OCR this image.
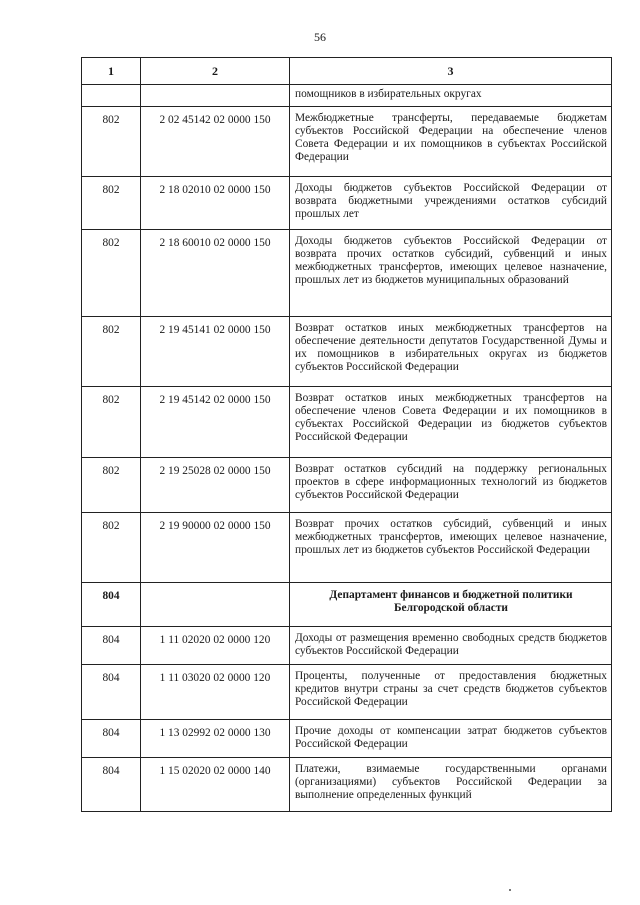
56
1	2	3
		помощников в избирательных округах
802	2 02 45142 02 0000 150	Межбюджетные трансферты, передаваемые бюджетам субъектов Российской Федерации на обеспечение членов Совета Федерации и их помощников в субъектах Российской Федерации
802	2 18 02010 02 0000 150	Доходы бюджетов субъектов Российской Федерации от возврата бюджетными учреждениями остатков субсидий прошлых лет
802	2 18 60010 02 0000 150	Доходы бюджетов субъектов Российской Федерации от возврата прочих остатков субсидий, субвенций и иных межбюджетных трансфертов, имеющих целевое назначение, прошлых лет из бюджетов муниципальных образований
802	2 19 45141 02 0000 150	Возврат остатков иных межбюджетных трансфертов на обеспечение деятельности депутатов Государственной Думы и их помощников в избирательных округах из бюджетов субъектов Российской Федерации
802	2 19 45142 02 0000 150	Возврат остатков иных межбюджетных трансфертов на обеспечение членов Совета Федерации и их помощников в субъектах Российской Федерации из бюджетов субъектов Российской Федерации
802	2 19 25028 02 0000 150	Возврат остатков субсидий на поддержку региональных проектов в сфере информационных технологий из бюджетов субъектов Российской Федерации
802	2 19 90000 02 0000 150	Возврат прочих остатков субсидий, субвенций и иных межбюджетных трансфертов, имеющих целевое назначение, прошлых лет из бюджетов субъектов Российской Федерации
804		Департамент финансов и бюджетной политики Белгородской области
804	1 11 02020 02 0000 120	Доходы от размещения временно свободных средств бюджетов субъектов Российской Федерации
804	1 11 03020 02 0000 120	Проценты, полученные от предоставления бюджетных кредитов внутри страны за счет средств бюджетов субъектов Российской Федерации
804	1 13 02992 02 0000 130	Прочие доходы от компенсации затрат бюджетов субъектов Российской Федерации
804	1 15 02020 02 0000 140	Платежи, взимаемые государственными органами (организациями) субъектов Российской Федерации за выполнение определенных функций
